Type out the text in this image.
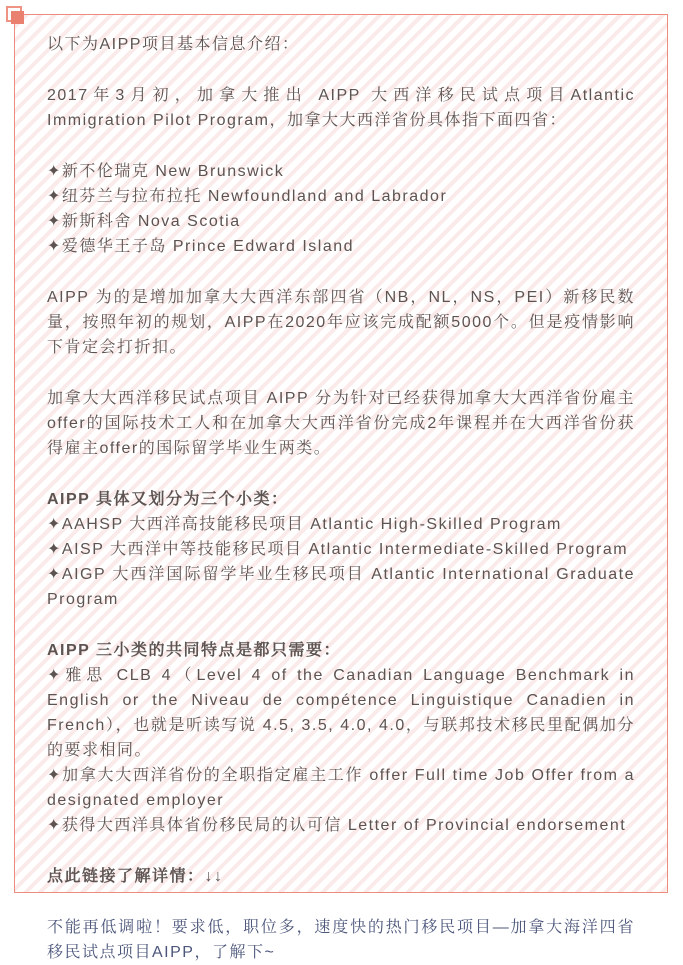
以下为AIPP项目基本信息介绍：

2017年3月初，加拿大推出 AIPP 大西洋移民试点项目Atlantic Immigration Pilot Program，加拿大大西洋省份具体指下面四省：

✦新不伦瑞克 New Brunswick

✦纽芬兰与拉布拉托 Newfoundland and Labrador

✦新斯科舍 Nova Scotia

✦爱德华王子岛 Prince Edward Island

AIPP 为的是增加加拿大大西洋东部四省（NB，NL，NS，PEI）新移民数量，按照年初的规划，AIPP在2020年应该完成配额5000个。但是疫情影响下肯定会打折扣。

加拿大大西洋移民试点项目 AIPP 分为针对已经获得加拿大大西洋省份雇主offer的国际技术工人和在加拿大大西洋省份完成2年课程并在大西洋省份获得雇主offer的国际留学毕业生两类。

AIPP 具体又划分为三个小类：

✦AAHSP 大西洋高技能移民项目 Atlantic High-Skilled Program

✦AISP 大西洋中等技能移民项目 Atlantic Intermediate-Skilled Program

✦AIGP 大西洋国际留学毕业生移民项目 Atlantic International Graduate Program

AIPP 三小类的共同特点是都只需要：

✦雅思 CLB 4（Level 4 of the Canadian Language Benchmark in English or the Niveau de compétence Linguistique Canadien in French），也就是听读写说 4.5, 3.5, 4.0, 4.0，与联邦技术移民里配偶加分的要求相同。

✦加拿大大西洋省份的全职指定雇主工作 offer Full time Job Offer from a designated employer

✦获得大西洋具体省份移民局的认可信 Letter of Provincial endorsement

点此链接了解详情：↓↓

不能再低调啦！要求低，职位多，速度快的热门移民项目—加拿大海洋四省移民试点项目AIPP，了解下~
